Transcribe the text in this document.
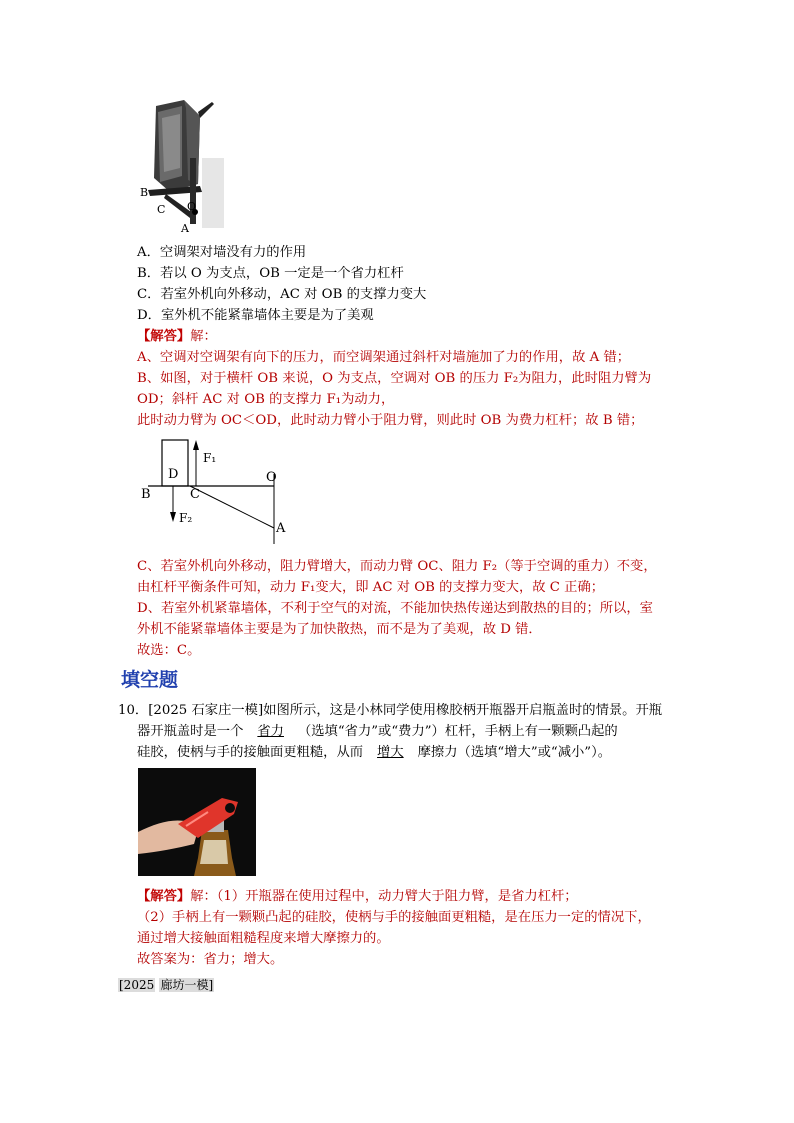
B
C O
A
A．空调架对墙没有力的作用
B．若以 O 为支点，OB 一定是一个省力杠杆
C．若室外机向外移动，AC 对 OB 的支撑力变大
D．室外机不能紧靠墙体主要是为了美观
【解答】解：
A、空调对空调架有向下的压力，而空调架通过斜杆对墙施加了力的作用，故 A 错；
B、如图，对于横杆 OB 来说，O 为支点，空调对 OB 的压力 F₂为阻力，此时阻力臂为
OD；斜杆 AC 对 OB 的支撑力 F₁为动力，
此时动力臂为 OC＜OD，此时动力臂小于阻力臂，则此时 OB 为费力杠杆；故 B 错；
D
F₁
F₂
B	C
O
A
C、若室外机向外移动，阻力臂增大，而动力臂 OC、阻力 F₂（等于空调的重力）不变，
由杠杆平衡条件可知，动力 F₁变大，即 AC 对 OB 的支撑力变大，故 C 正确；
D、若室外机紧靠墙体，不利于空气的对流，不能加快热传递达到散热的目的；所以，室
外机不能紧靠墙体主要是为了加快散热，而不是为了美观，故 D 错．
故选：C。
填空题
10．[2025 石家庄一模]如图所示，这是小林同学使用橡胶柄开瓶器开启瓶盖时的情景。开瓶
器开瓶盖时是一个 省力 （选填“省力”或“费力”）杠杆，手柄上有一颗颗凸起的
硅胶，使柄与手的接触面更粗糙，从而 增大 摩擦力（选填“增大”或“减小”）。
【解答】解：（1）开瓶器在使用过程中，动力臂大于阻力臂，是省力杠杆；
（2）手柄上有一颗颗凸起的硅胶，使柄与手的接触面更粗糙，是在压力一定的情况下，
通过增大接触面粗糙程度来增大摩擦力的。
故答案为：省力；增大。
[2025 廊坊一模]
